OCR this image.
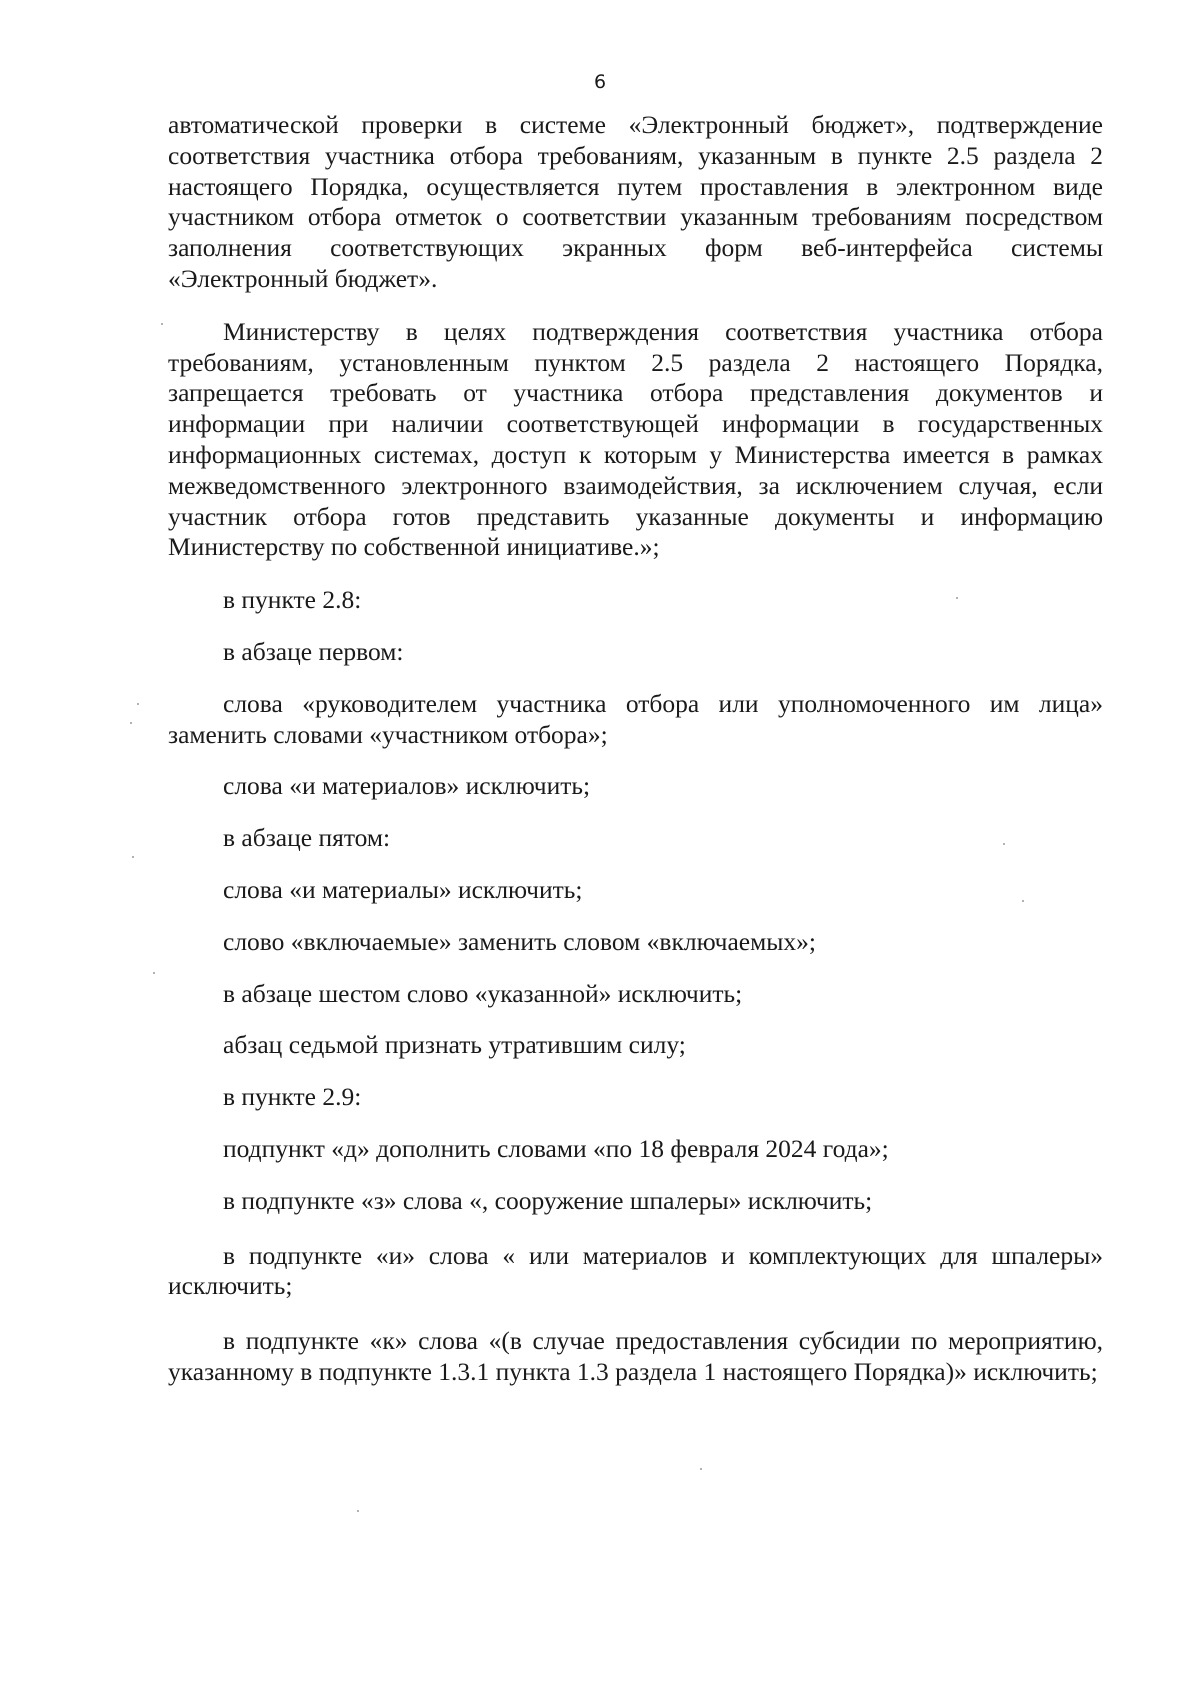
6

автоматической проверки в системе «Электронный бюджет», подтверждение соответствия участника отбора требованиям, указанным в пункте 2.5 раздела 2 настоящего Порядка, осуществляется путем проставления в электронном виде участником отбора отметок о соответствии указанным требованиям посредством заполнения соответствующих экранных форм веб-интерфейса системы «Электронный бюджет».

Министерству в целях подтверждения соответствия участника отбора требованиям, установленным пунктом 2.5 раздела 2 настоящего Порядка, запрещается требовать от участника отбора представления документов и информации при наличии соответствующей информации в государственных информационных системах, доступ к которым у Министерства имеется в рамках межведомственного электронного взаимодействия, за исключением случая, если участник отбора готов представить указанные документы и информацию Министерству по собственной инициативе.»;

в пункте 2.8:

в абзаце первом:

слова «руководителем участника отбора или уполномоченного им лица» заменить словами «участником отбора»;

слова «и материалов» исключить;

в абзаце пятом:

слова «и материалы» исключить;

слово «включаемые» заменить словом «включаемых»;

в абзаце шестом слово «указанной» исключить;

абзац седьмой признать утратившим силу;

в пункте 2.9:

подпункт «д» дополнить словами «по 18 февраля 2024 года»;

в подпункте «з» слова «, сооружение шпалеры» исключить;

в подпункте «и» слова « или материалов и комплектующих для шпалеры» исключить;

в подпункте «к» слова «(в случае предоставления субсидии по мероприятию, указанному в подпункте 1.3.1 пункта 1.3 раздела 1 настоящего Порядка)» исключить;
